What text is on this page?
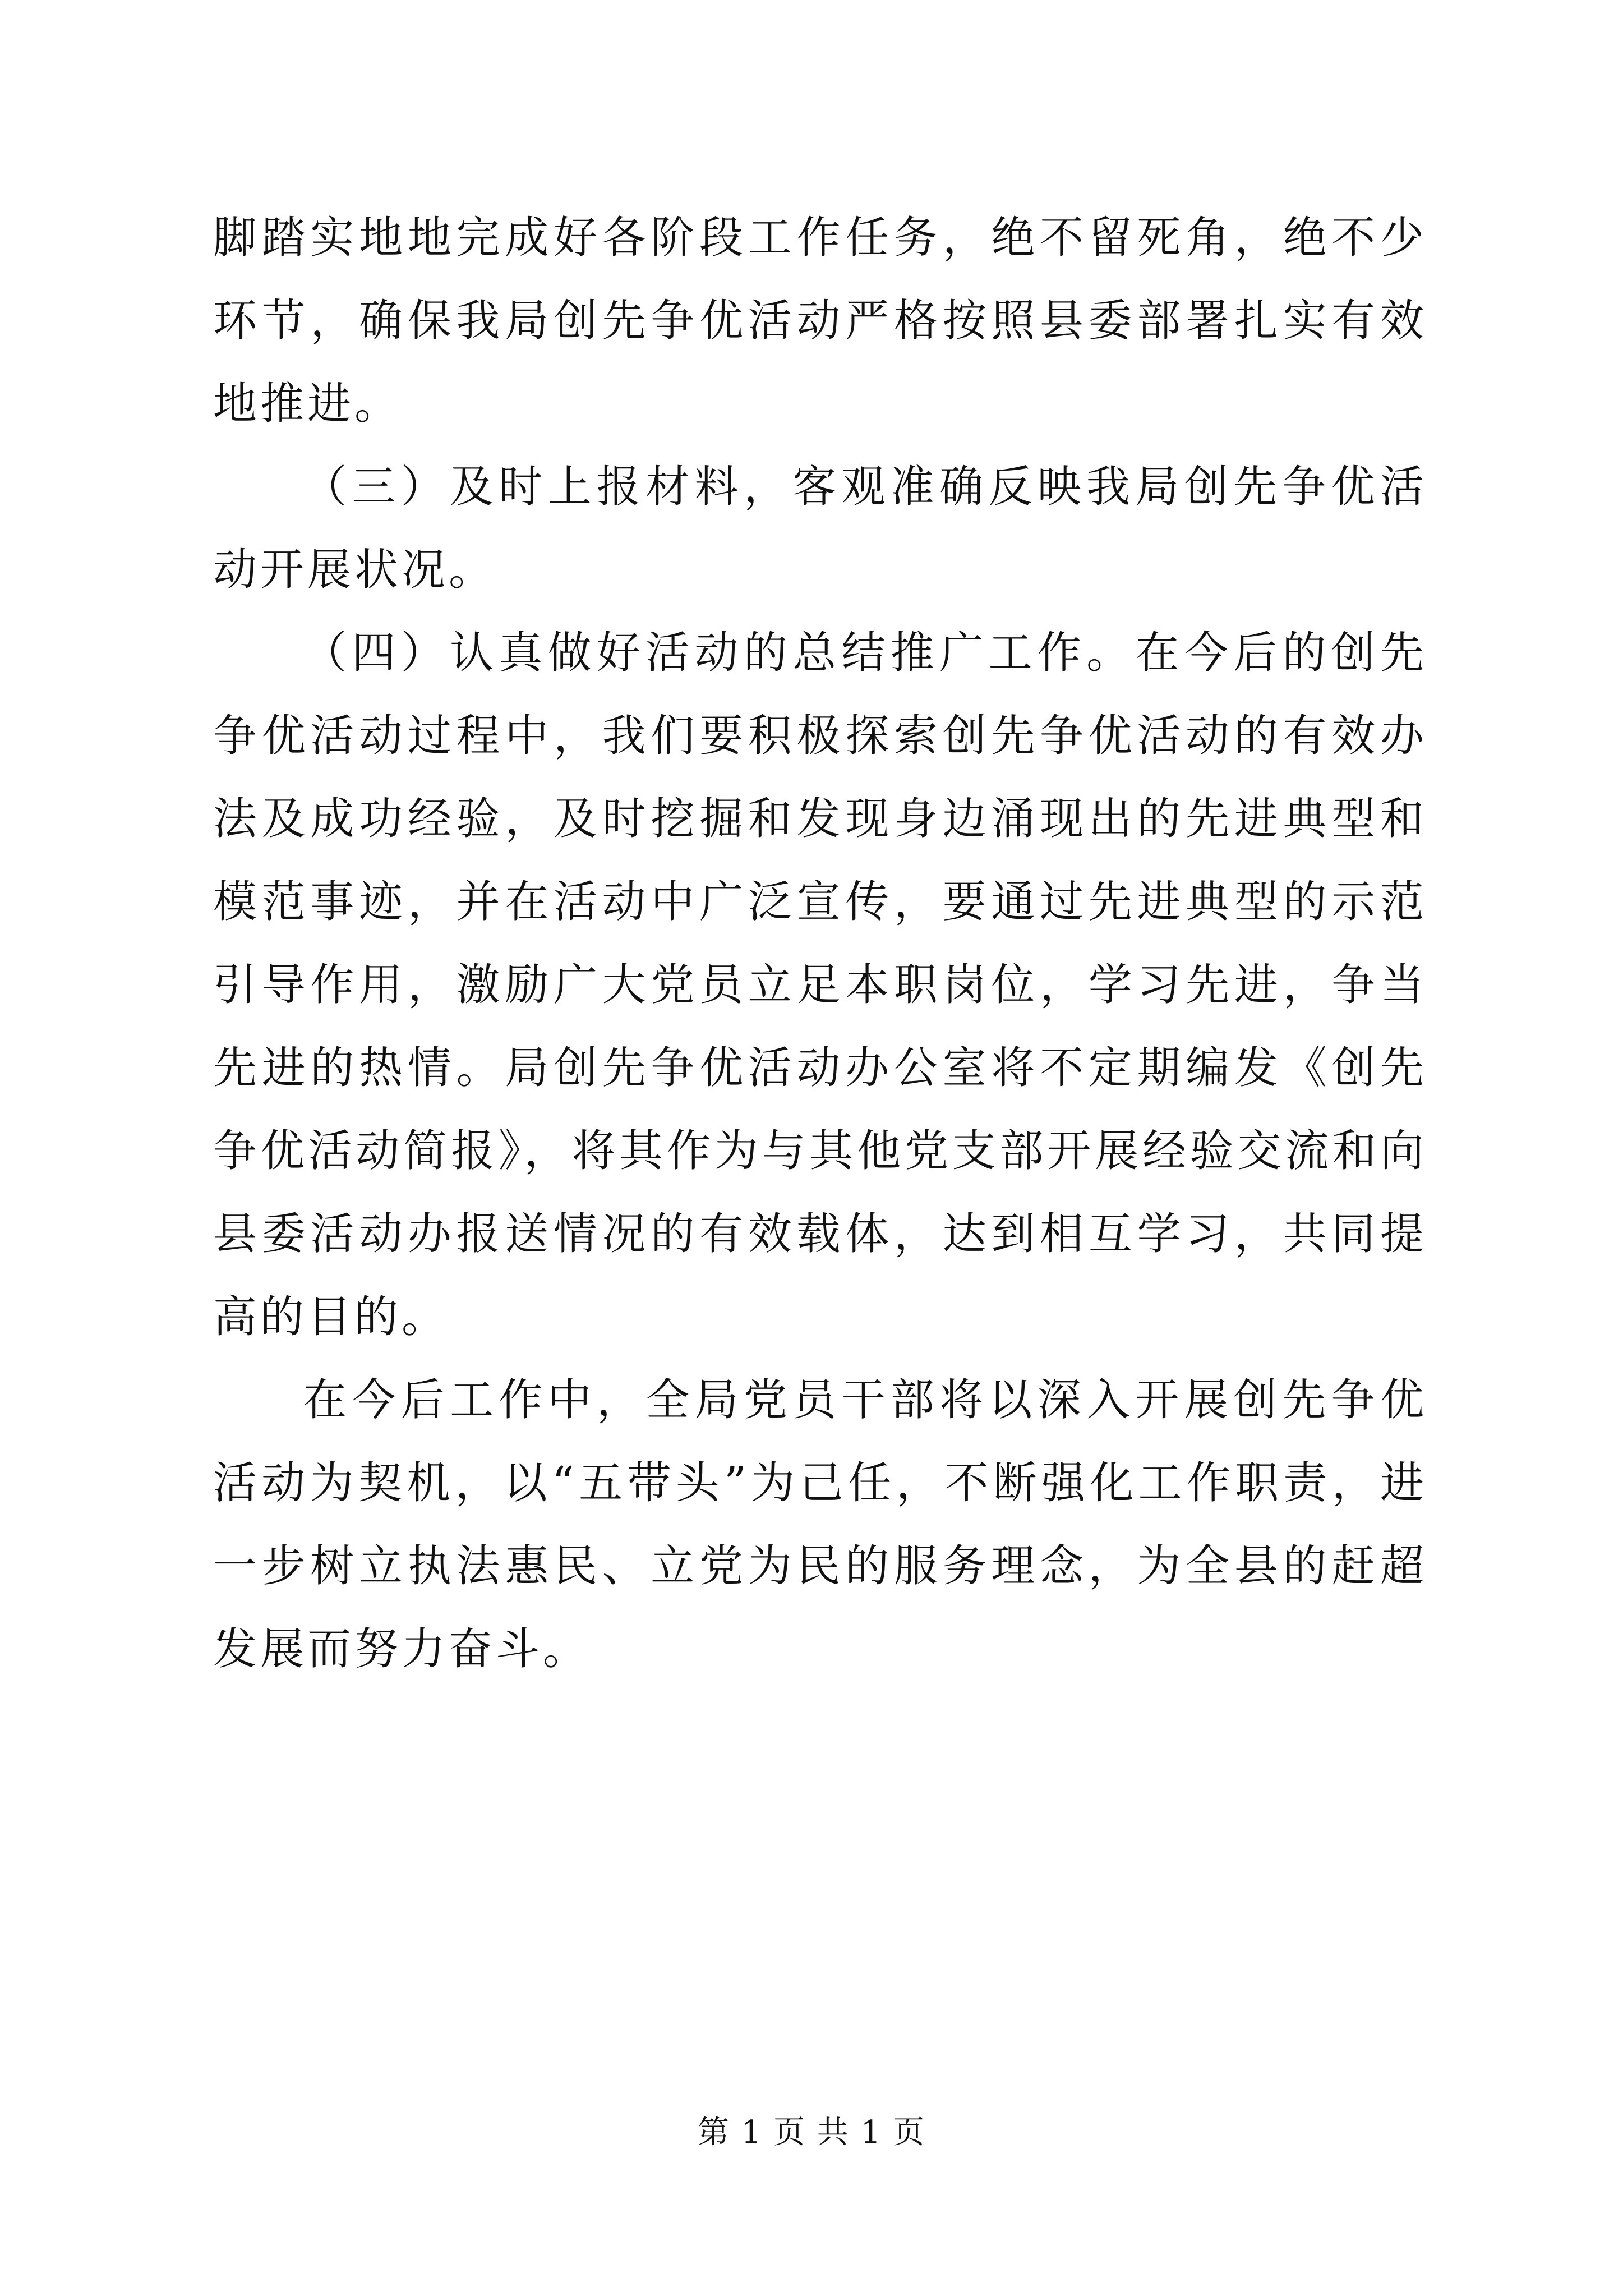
脚踏实地地完成好各阶段工作任务，绝不留死角，绝不少环节，确保我局创先争优活动严格按照县委部署扎实有效地推进。

（三）及时上报材料，客观准确反映我局创先争优活动开展状况。

（四）认真做好活动的总结推广工作。在今后的创先争优活动过程中，我们要积极探索创先争优活动的有效办法及成功经验，及时挖掘和发现身边涌现出的先进典型和模范事迹，并在活动中广泛宣传，要通过先进典型的示范引导作用，激励广大党员立足本职岗位，学习先进，争当先进的热情。局创先争优活动办公室将不定期编发《创先争优活动简报》，将其作为与其他党支部开展经验交流和向县委活动办报送情况的有效载体，达到相互学习，共同提高的目的。

在今后工作中，全局党员干部将以深入开展创先争优活动为契机，以“五带头”为己任，不断强化工作职责，进一步树立执法惠民、立党为民的服务理念，为全县的赶超发展而努力奋斗。

第 1 页 共 1 页
